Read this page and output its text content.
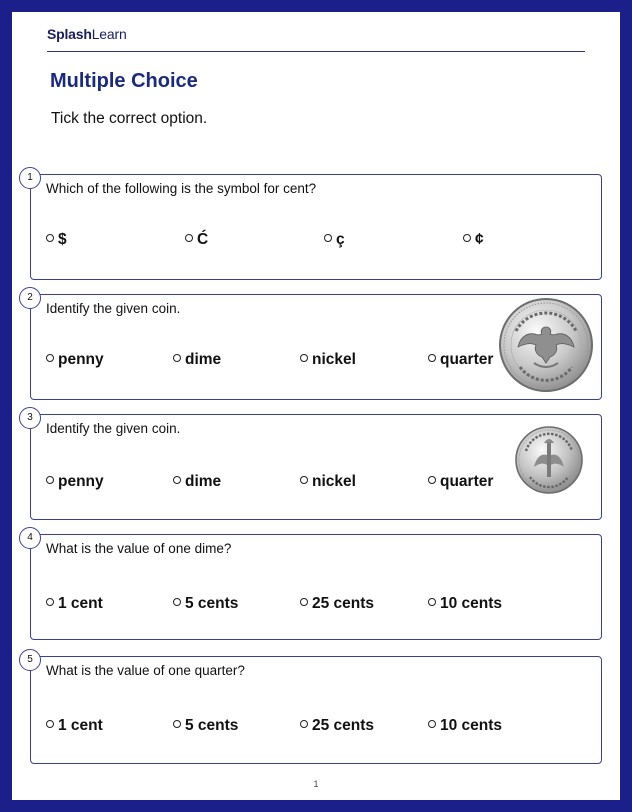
SplashLearn
Multiple Choice
Tick the correct option.
1
Which of the following is the symbol for cent?
$	Ć	ç	¢
2
Identify the given coin.
penny	dime	nickel	quarter
3
Identify the given coin.
penny	dime	nickel	quarter
4
What is the value of one dime?
1 cent	5 cents	25 cents	10 cents
5
What is the value of one quarter?
1 cent	5 cents	25 cents	10 cents
1
